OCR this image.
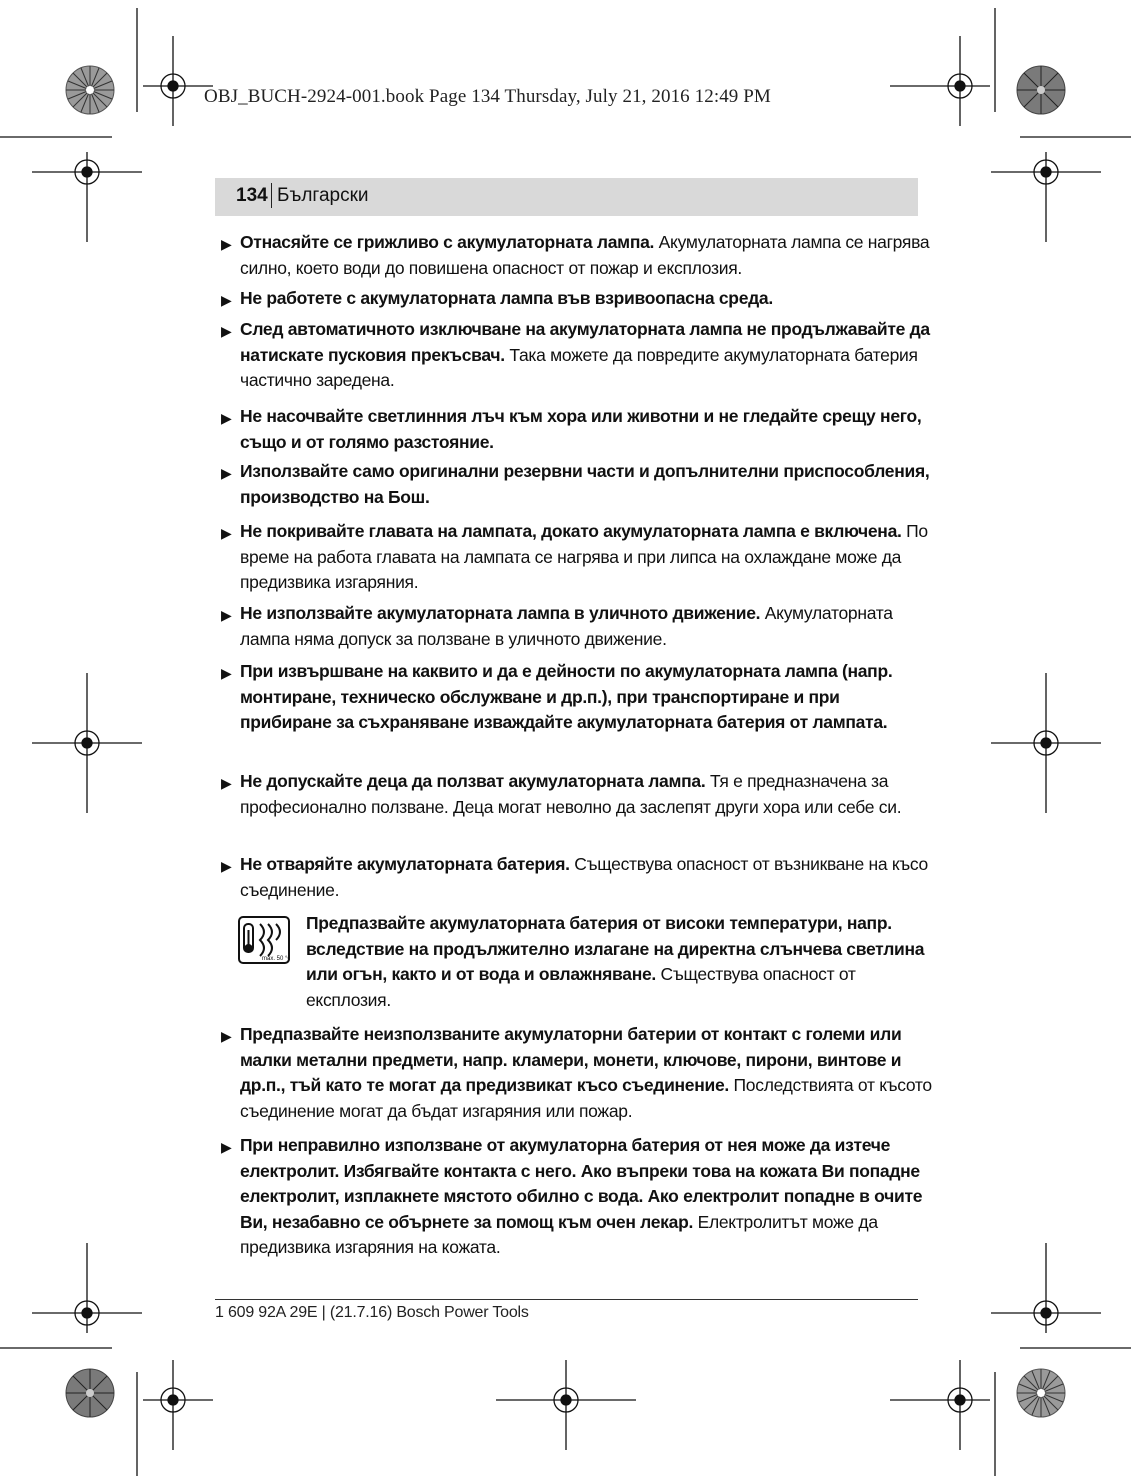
OBJ_BUCH-2924-001.book Page 134 Thursday, July 21, 2016 12:49 PM
134 Български
▶ Отнасяйте се грижливо с акумулаторната лампа. Акумулаторната лампа се нагрява силно, което води до повишена опасност от пожар и експлозия.
▶ Не работете с акумулаторната лампа във взривоопасна среда.
▶ След автоматичното изключване на акумулаторната лампа не продължавайте да натискате пусковия прекъсвач. Така можете да повредите акумулаторната батерия частично заредена.
▶ Не насочвайте светлинния лъч към хора или животни и не гледайте срещу него, също и от голямо разстояние.
▶ Използвайте само оригинални резервни части и допълнителни приспособления, производство на Бош.
▶ Не покривайте главата на лампата, докато акумулаторната лампа е включена. По време на работа главата на лампата се нагрява и при липса на охлаждане може да предизвика изгаряния.
▶ Не използвайте акумулаторната лампа в уличното движение. Акумулаторната лампа няма допуск за ползване в уличното движение.
▶ При извършване на каквито и да е дейности по акумулаторната лампа (напр. монтиране, техническо обслужване и др.п.), при транспортиране и при прибиране за съхраняване изваждайте акумулаторната батерия от лампата.
▶ Не допускайте деца да ползват акумулаторната лампа. Тя е предназначена за професионално ползване. Деца могат неволно да заслепят други хора или себе си.
▶ Не отваряйте акумулаторната батерия. Съществува опасност от възникване на късо съединение.
max. 50 °C
Предпазвайте акумулаторната батерия от високи температури, напр. вследствие на продължително излагане на директна слънчева светлина или огън, както и от вода и овлажняване. Съществува опасност от експлозия.
▶ Предпазвайте неизползваните акумулаторни батерии от контакт с големи или малки метални предмети, напр. кламери, монети, ключове, пирони, винтове и др.п., тъй като те могат да предизвикат късо съединение. Последствията от късото съединение могат да бъдат изгаряния или пожар.
▶ При неправилно използване от акумулаторна батерия от нея може да изтече електролит. Избягвайте контакта с него. Ако въпреки това на кожата Ви попадне електролит, изплакнете мястото обилно с вода. Ако електролит попадне в очите Ви, незабавно се обърнете за помощ към очен лекар. Електролитът може да предизвика изгаряния на кожата.
1 609 92A 29E | (21.7.16) Bosch Power Tools
